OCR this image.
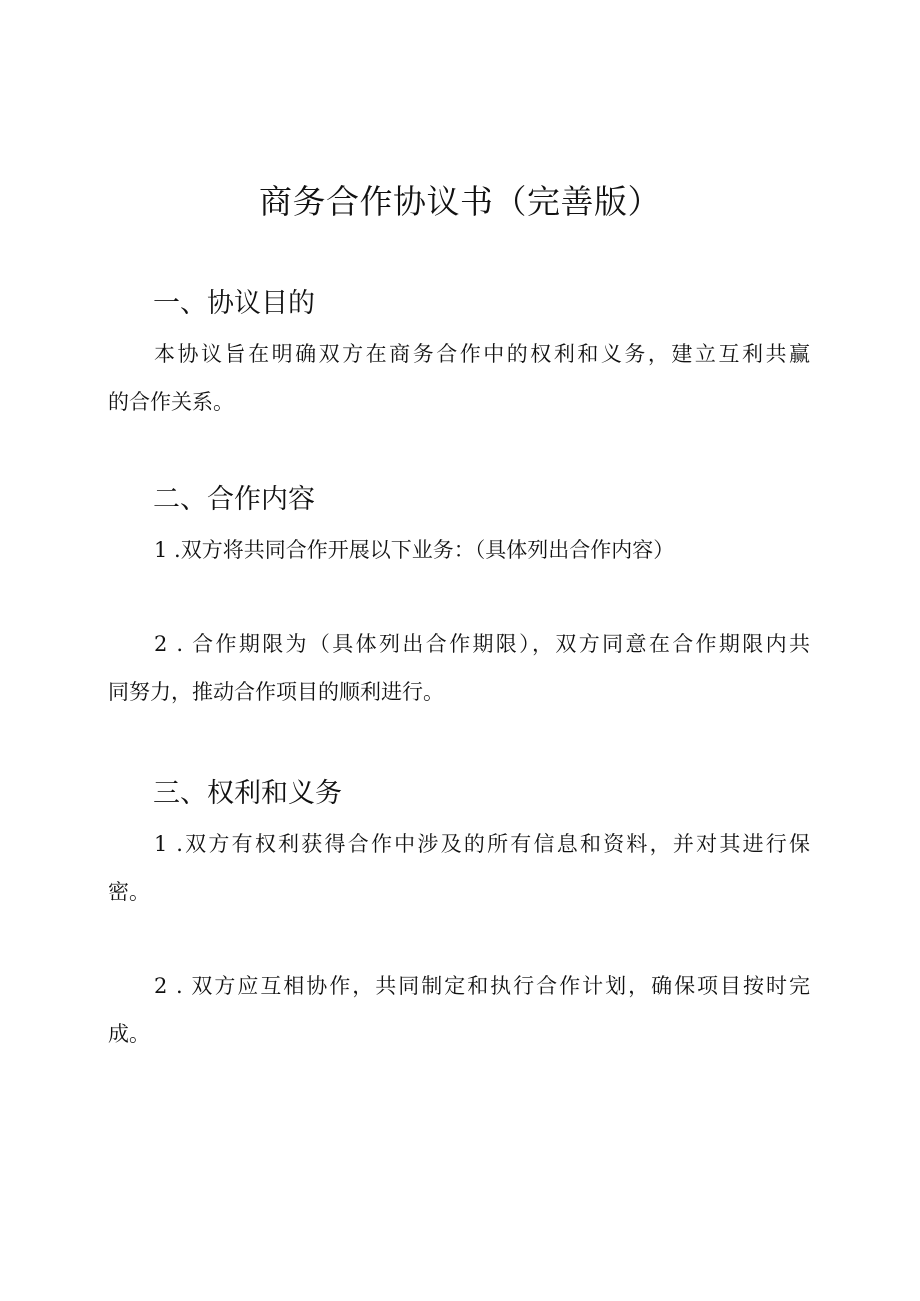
商务合作协议书（完善版）
一、协议目的
本协议旨在明确双方在商务合作中的权利和义务，建立互利共赢
的合作关系。
二、合作内容
1 .双方将共同合作开展以下业务：（具体列出合作内容）
2 . 合作期限为（具体列出合作期限），双方同意在合作期限内共
同努力，推动合作项目的顺利进行。
三、权利和义务
1 .双方有权利获得合作中涉及的所有信息和资料，并对其进行保
密。
2 . 双方应互相协作，共同制定和执行合作计划，确保项目按时完
成。
